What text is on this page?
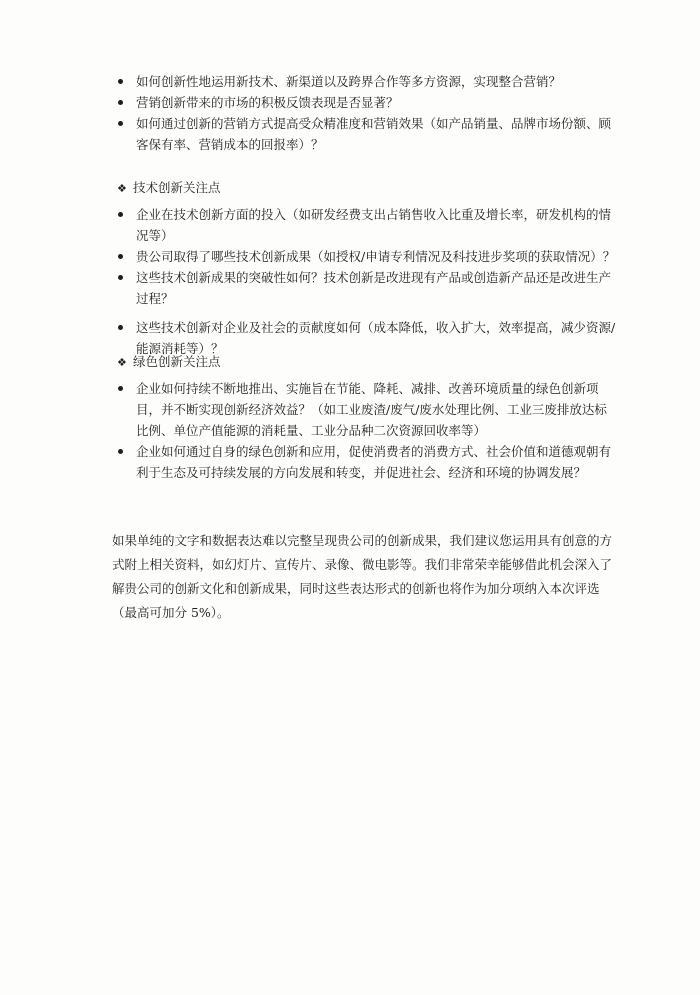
如何创新性地运用新技术、新渠道以及跨界合作等多方资源，实现整合营销？
营销创新带来的市场的积极反馈表现是否显著？
如何通过创新的营销方式提高受众精准度和营销效果（如产品销量、品牌市场份额、顾客保有率、营销成本的回报率）？
❖ 技术创新关注点
企业在技术创新方面的投入（如研发经费支出占销售收入比重及增长率，研发机构的情况等）
贵公司取得了哪些技术创新成果（如授权/申请专利情况及科技进步奖项的获取情况）？
这些技术创新成果的突破性如何？技术创新是改进现有产品或创造新产品还是改进生产过程？
这些技术创新对企业及社会的贡献度如何（成本降低，收入扩大，效率提高，减少资源/能源消耗等）？
❖ 绿色创新关注点
企业如何持续不断地推出、实施旨在节能、降耗、减排、改善环境质量的绿色创新项目，并不断实现创新经济效益？（如工业废渣/废气/废水处理比例、工业三废排放达标比例、单位产值能源的消耗量、工业分品种二次资源回收率等）
企业如何通过自身的绿色创新和应用，促使消费者的消费方式、社会价值和道德观朝有利于生态及可持续发展的方向发展和转变，并促进社会、经济和环境的协调发展？

如果单纯的文字和数据表达难以完整呈现贵公司的创新成果，我们建议您运用具有创意的方式附上相关资料，如幻灯片、宣传片、录像、微电影等。我们非常荣幸能够借此机会深入了解贵公司的创新文化和创新成果，同时这些表达形式的创新也将作为加分项纳入本次评选（最高可加分 5%）。
